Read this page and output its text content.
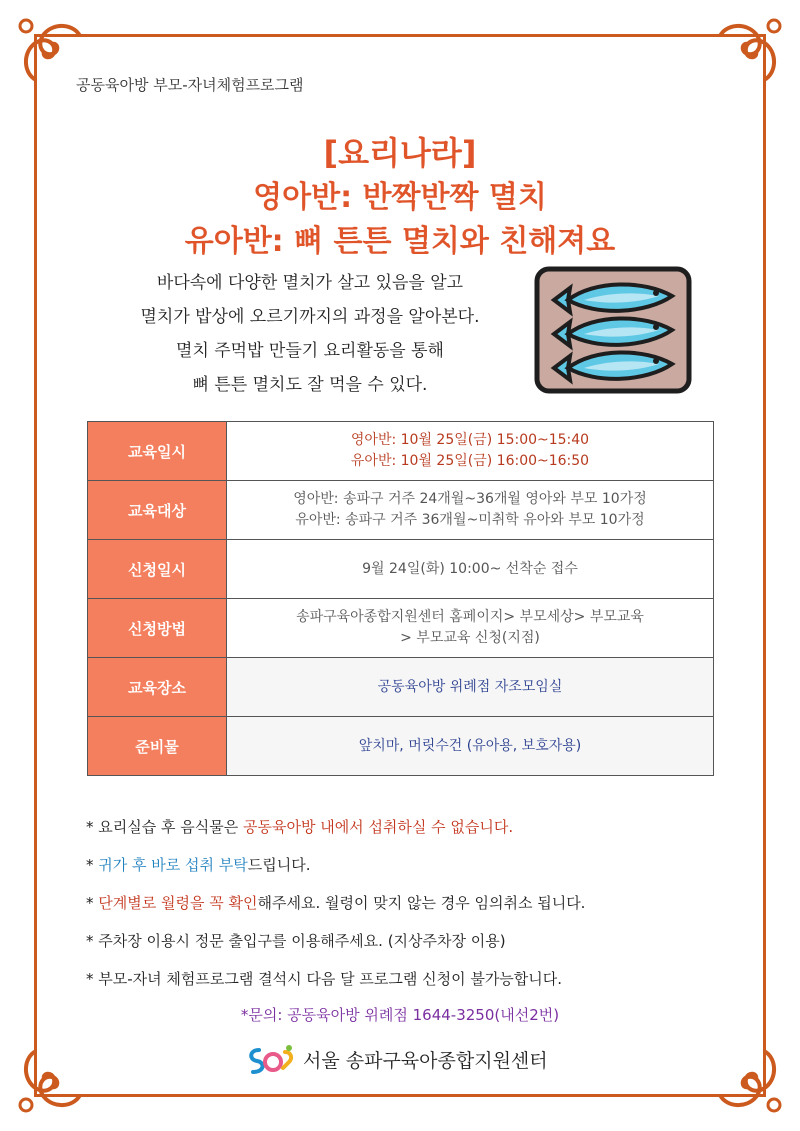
공동육아방 부모-자녀체험프로그램
[요리나라]
영아반: 반짝반짝 멸치
유아반: 뼈 튼튼 멸치와 친해져요
바다속에 다양한 멸치가 살고 있음을 알고
멸치가 밥상에 오르기까지의 과정을 알아본다.
멸치 주먹밥 만들기 요리활동을 통해
뼈 튼튼 멸치도 잘 먹을 수 있다.
교육일시	영아반: 10월 25일(금) 15:00~15:40
유아반: 10월 25일(금) 16:00~16:50

교육대상	영아반: 송파구 거주 24개월~36개월 영아와 부모 10가정
유아반: 송파구 거주 36개월~미취학 유아와 부모 10가정

신청일시	9월 24일(화) 10:00~ 선착순 접수

신청방법	송파구육아종합지원센터 홈페이지> 부모세상> 부모교육
> 부모교육 신청(지점)

교육장소	공동육아방 위례점 자조모임실

준비물	앞치마, 머릿수건 (유아용, 보호자용)
* 요리실습 후 음식물은 공동육아방 내에서 섭취하실 수 없습니다.
* 귀가 후 바로 섭취 부탁드립니다.
* 단계별로 월령을 꼭 확인해주세요. 월령이 맞지 않는 경우 임의취소 됩니다.
* 주차장 이용시 정문 출입구를 이용해주세요. (지상주차장 이용)
* 부모-자녀 체험프로그램 결석시 다음 달 프로그램 신청이 불가능합니다.
*문의: 공동육아방 위례점 1644-3250(내선2번)
서울 송파구육아종합지원센터
